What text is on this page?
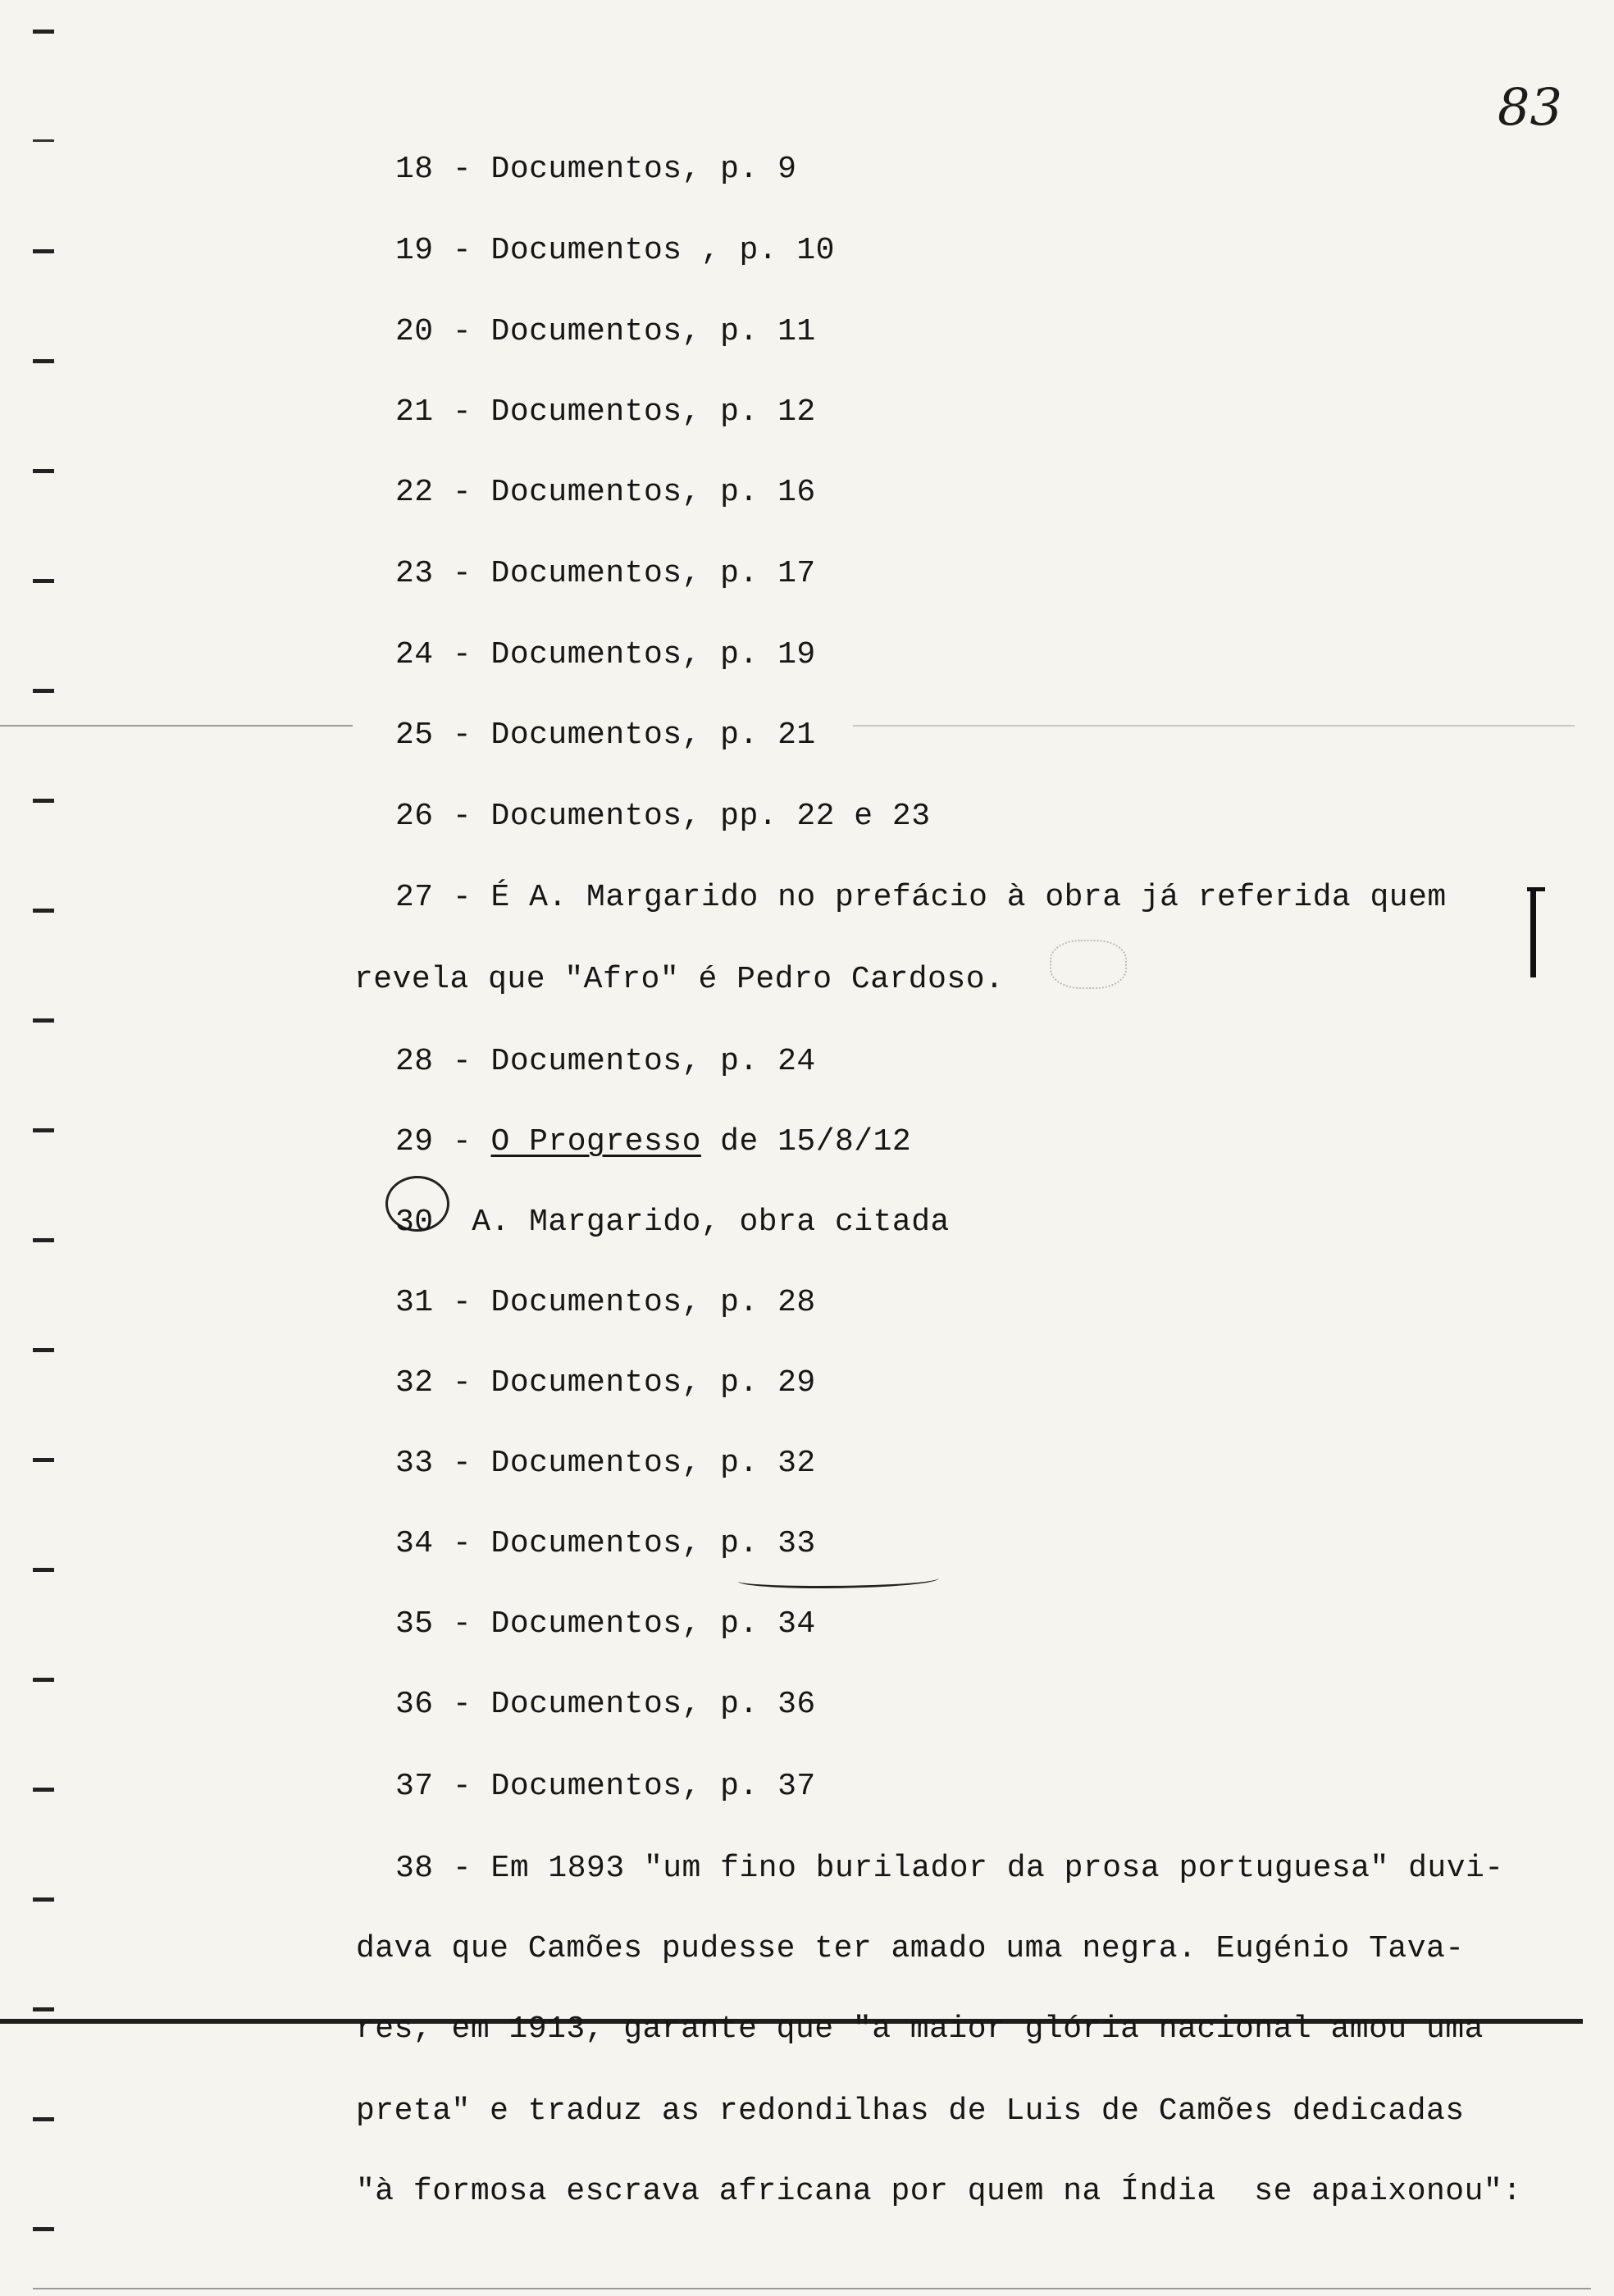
83
18 - Documentos, p. 9
19 - Documentos , p. 10
20 - Documentos, p. 11
21 - Documentos, p. 12
22 - Documentos, p. 16
23 - Documentos, p. 17
24 - Documentos, p. 19
25 - Documentos, p. 21
26 - Documentos, pp. 22 e 23
27 - É A. Margarido no prefácio à obra já referida quem
revela que "Afro" é Pedro Cardoso.
28 - Documentos, p. 24
29 - O Progresso de 15/8/12
30  A. Margarido, obra citada
31 - Documentos, p. 28
32 - Documentos, p. 29
33 - Documentos, p. 32
34 - Documentos, p. 33
35 - Documentos, p. 34
36 - Documentos, p. 36
37 - Documentos, p. 37
38 - Em 1893 "um fino burilador da prosa portuguesa" duvi-
dava que Camões pudesse ter amado uma negra. Eugénio Tava-
res, em 1913, garante que "a maior glória nacional amou uma
preta" e traduz as redondilhas de Luis de Camões dedicadas
"à formosa escrava africana por quem na Índia  se apaixonou":
